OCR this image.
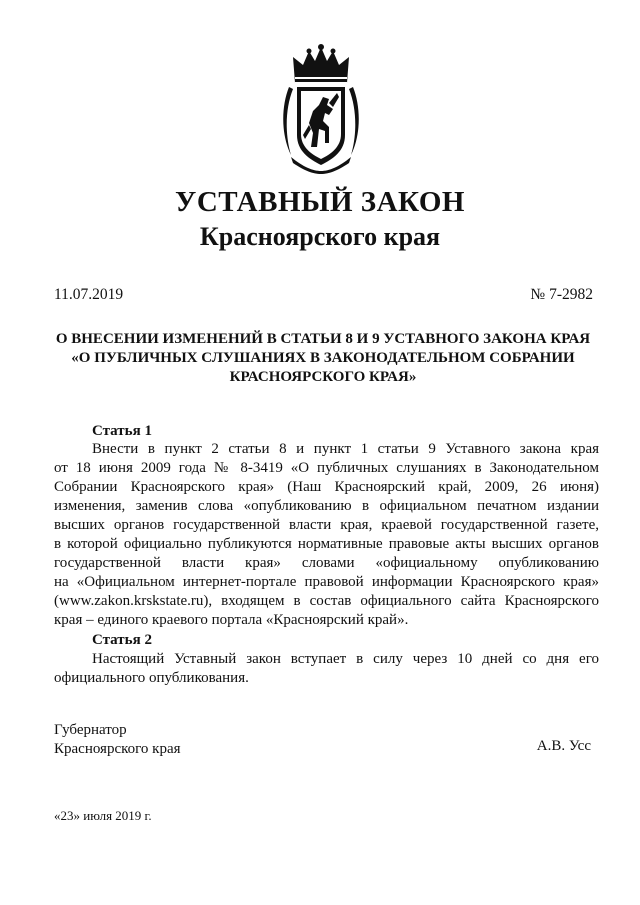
УСТАВНЫЙ ЗАКОН
Красноярского края
11.07.2019	№ 7-2982
О ВНЕСЕНИИ ИЗМЕНЕНИЙ В СТАТЬИ 8 И 9 УСТАВНОГО ЗАКОНА КРАЯ
«О ПУБЛИЧНЫХ СЛУШАНИЯХ В ЗАКОНОДАТЕЛЬНОМ СОБРАНИИ
КРАСНОЯРСКОГО КРАЯ»
Статья 1

Внести в пункт 2 статьи 8 и пункт 1 статьи 9 Уставного закона края
от 18 июня 2009 года № 8-3419 «О публичных слушаниях в Законодательном
Собрании Красноярского края» (Наш Красноярский край, 2009, 26 июня)
изменения, заменив слова «опубликованию в официальном печатном издании
высших органов государственной власти края, краевой государственной газете,
в которой официально публикуются нормативные правовые акты высших органов
государственной власти края» словами «официальному опубликованию
на «Официальном интернет-портале правовой информации Красноярского края»
(www.zakon.krskstate.ru), входящем в состав официального сайта Красноярского
края – единого краевого портала «Красноярский край».

Статья 2

Настоящий Уставный закон вступает в силу через 10 дней со дня его
официального опубликования.

Губернатор
Красноярского края	А.В. Усс
«23» июля 2019 г.
